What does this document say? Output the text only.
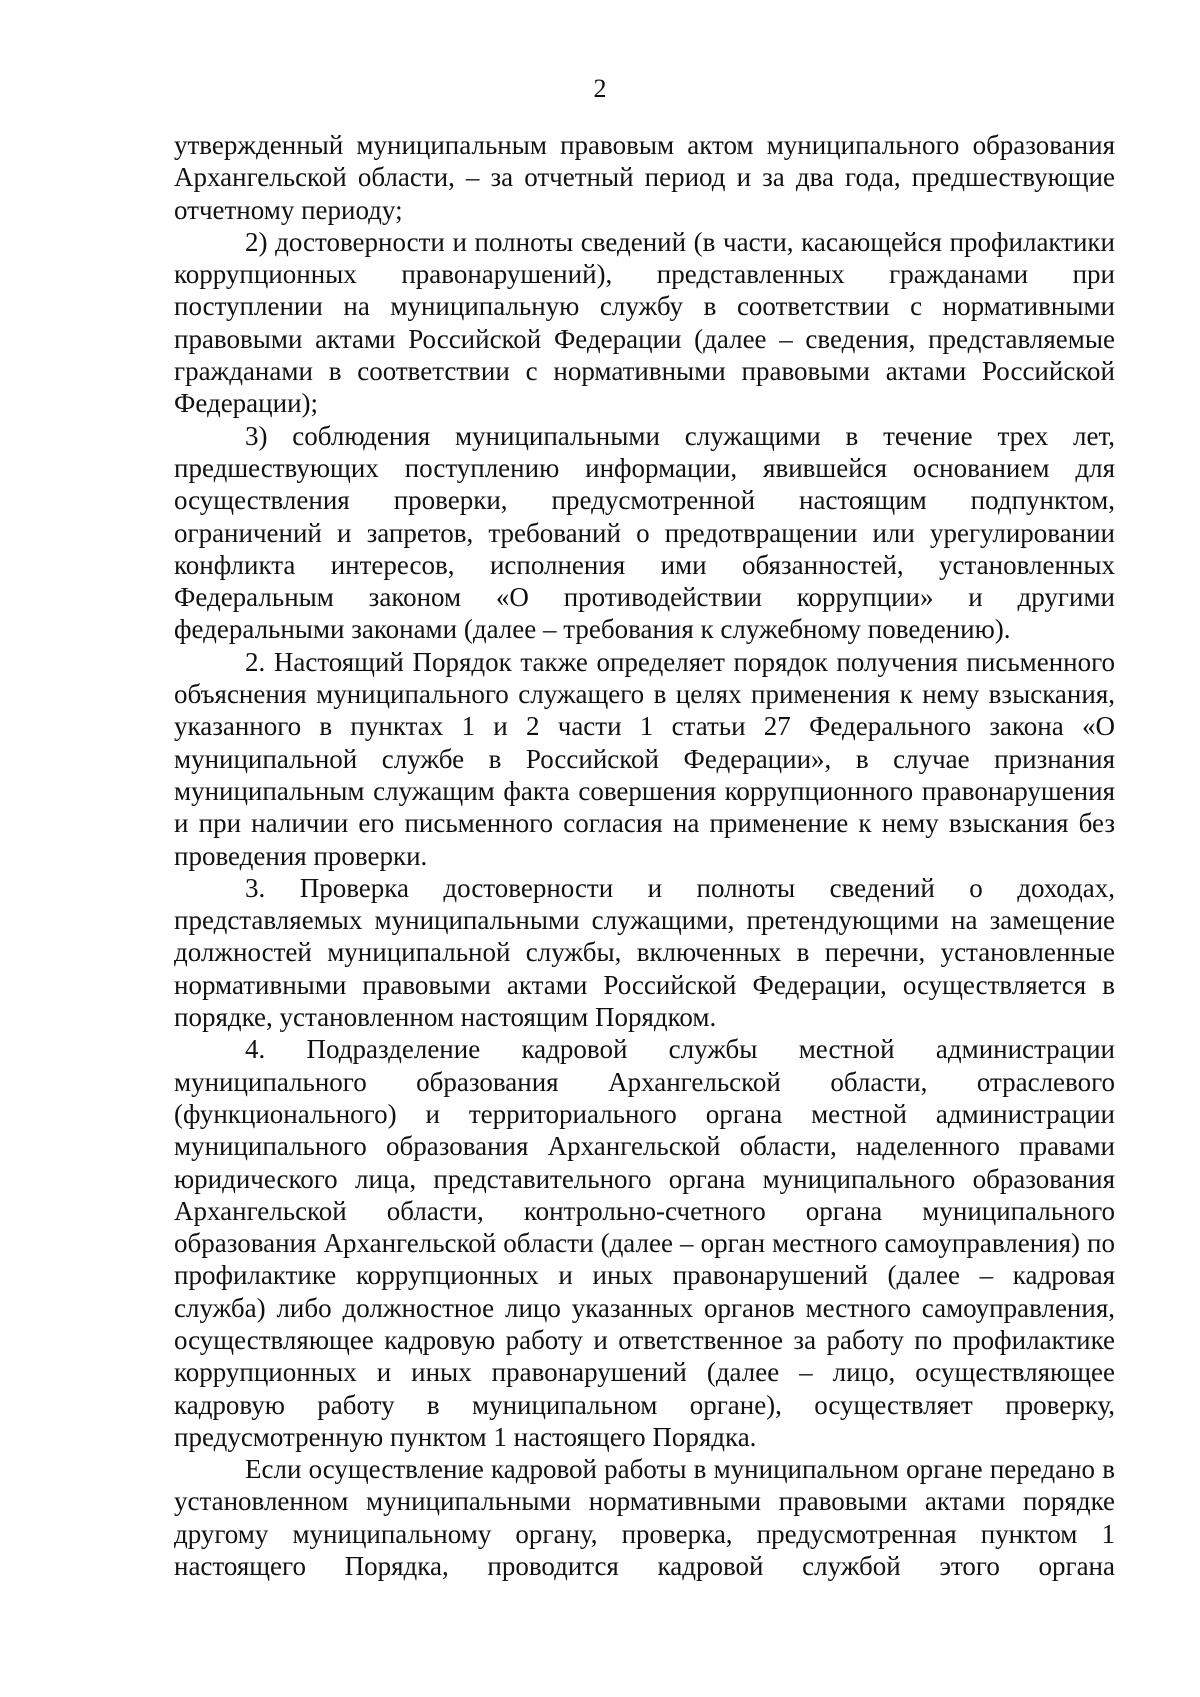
2

утвержденный муниципальным правовым актом муниципального образования Архангельской области, – за отчетный период и за два года, предшествующие отчетному периоду;

2) достоверности и полноты сведений (в части, касающейся профилактики коррупционных правонарушений), представленных гражданами при поступлении на муниципальную службу в соответствии с нормативными правовыми актами Российской Федерации (далее – сведения, представляемые гражданами в соответствии с нормативными правовыми актами Российской Федерации);

3) соблюдения муниципальными служащими в течение трех лет, предшествующих поступлению информации, явившейся основанием для осуществления проверки, предусмотренной настоящим подпунктом, ограничений и запретов, требований о предотвращении или урегулировании конфликта интересов, исполнения ими обязанностей, установленных Федеральным законом «О противодействии коррупции» и другими федеральными законами (далее – требования к служебному поведению).

2. Настоящий Порядок также определяет порядок получения письменного объяснения муниципального служащего в целях применения к нему взыскания, указанного в пунктах 1 и 2 части 1 статьи 27 Федерального закона «О муниципальной службе в Российской Федерации», в случае признания муниципальным служащим факта совершения коррупционного правонарушения и при наличии его письменного согласия на применение к нему взыскания без проведения проверки.

3. Проверка достоверности и полноты сведений о доходах, представляемых муниципальными служащими, претендующими на замещение должностей муниципальной службы, включенных в перечни, установленные нормативными правовыми актами Российской Федерации, осуществляется в порядке, установленном настоящим Порядком.

4. Подразделение кадровой службы местной администрации муниципального образования Архангельской области, отраслевого (функционального) и территориального органа местной администрации муниципального образования Архангельской области, наделенного правами юридического лица, представительного органа муниципального образования Архангельской области, контрольно-счетного органа муниципального образования Архангельской области (далее – орган местного самоуправления) по профилактике коррупционных и иных правонарушений (далее – кадровая служба) либо должностное лицо указанных органов местного самоуправления, осуществляющее кадровую работу и ответственное за работу по профилактике коррупционных и иных правонарушений (далее – лицо, осуществляющее кадровую работу в муниципальном органе), осуществляет проверку, предусмотренную пунктом 1 настоящего Порядка.

Если осуществление кадровой работы в муниципальном органе передано в установленном муниципальными нормативными правовыми актами порядке другому муниципальному органу, проверка, предусмотренная пунктом 1 настоящего Порядка, проводится кадровой службой этого органа
